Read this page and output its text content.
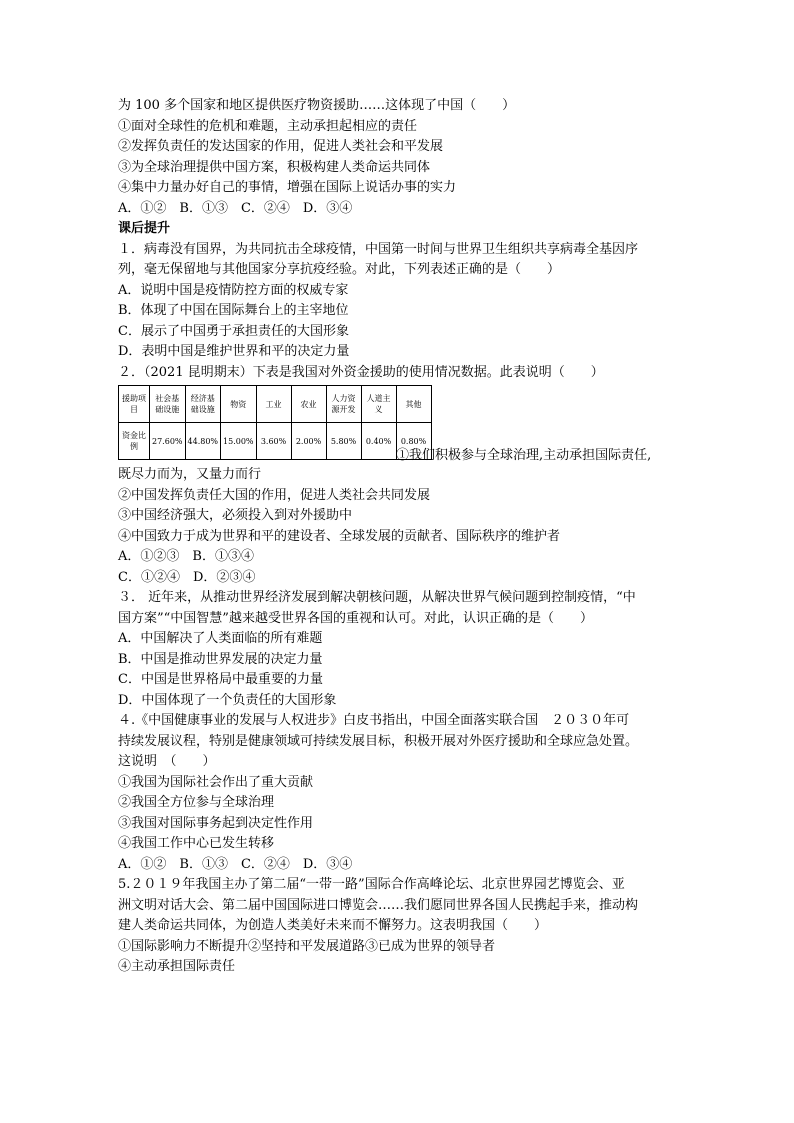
为 100 多个国家和地区提供医疗物资援助……这体现了中国（　　）
①面对全球性的危机和难题，主动承担起相应的责任
②发挥负责任的发达国家的作用，促进人类社会和平发展
③为全球治理提供中国方案，积极构建人类命运共同体
④集中力量办好自己的事情，增强在国际上说话办事的实力
A．①②　B．①③　C．②④　D．③④
课后提升
１．病毒没有国界，为共同抗击全球疫情，中国第一时间与世界卫生组织共享病毒全基因序
列，毫无保留地与其他国家分享抗疫经验。对此，下列表述正确的是（　　）
A．说明中国是疫情防控方面的权威专家
B．体现了中国在国际舞台上的主宰地位
C．展示了中国勇于承担责任的大国形象
D．表明中国是维护世界和平的决定力量
２．（2021 昆明期末）下表是我国对外资金援助的使用情况数据。此表说明（　　）
援助项目	社会基础设施	经济基础设施	物资	工业	农业	人力资源开发	人道主义	其他
资金比例	27.60%	44.80%	15.00%	3.60%	2.00%	5.80%	0.40%	0.80%
①我们积极参与全球治理,主动承担国际责任,
既尽力而为，又量力而行
②中国发挥负责任大国的作用，促进人类社会共同发展
③中国经济强大，必须投入到对外援助中
④中国致力于成为世界和平的建设者、全球发展的贡献者、国际秩序的维护者
A．①②③　B．①③④
C．①②④　D．②③④
３． 近年来，从推动世界经济发展到解决朝核问题，从解决世界气候问题到控制疫情，“中
国方案”“中国智慧”越来越受世界各国的重视和认可。对此，认识正确的是（　　）
A．中国解决了人类面临的所有难题
B．中国是推动世界发展的决定力量
C．中国是世界格局中最重要的力量
D．中国体现了一个负责任的大国形象
４.《中国健康事业的发展与人权进步》白皮书指出，中国全面落实联合国　２０３０年可
持续发展议程，特别是健康领域可持续发展目标，积极开展对外医疗援助和全球应急处置。
这说明　（　　）
①我国为国际社会作出了重大贡献
②我国全方位参与全球治理
③我国对国际事务起到决定性作用
④我国工作中心已发生转移
A．①②　B．①③　C．②④　D．③④
5.２０１９年我国主办了第二届“一带一路”国际合作高峰论坛、北京世界园艺博览会、亚
洲文明对话大会、第二届中国国际进口博览会……我们愿同世界各国人民携起手来，推动构
建人类命运共同体，为创造人类美好未来而不懈努力。这表明我国（　　）
①国际影响力不断提升②坚持和平发展道路③已成为世界的领导者
④主动承担国际责任
